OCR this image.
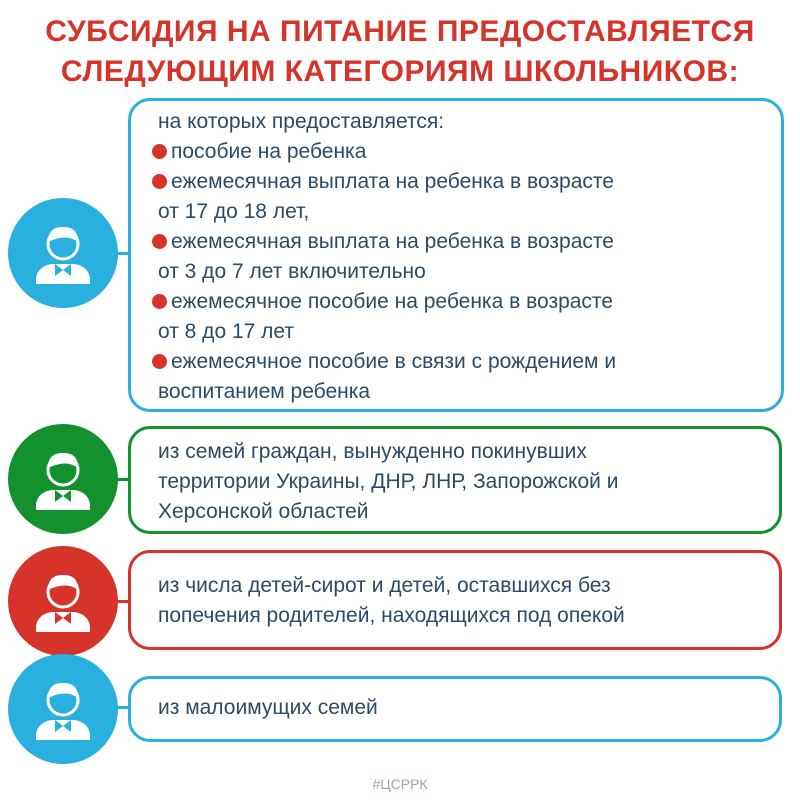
СУБСИДИЯ НА ПИТАНИЕ ПРЕДОСТАВЛЯЕТСЯ
СЛЕДУЮЩИМ КАТЕГОРИЯМ ШКОЛЬНИКОВ:
на которых предоставляется:
пособие на ребенка
ежемесячная выплата на ребенка в возрасте
от 17 до 18 лет,
ежемесячная выплата на ребенка в возрасте
от 3 до 7 лет включительно
ежемесячное пособие на ребенка в возрасте
от 8 до 17 лет
ежемесячное пособие в связи с рождением и
воспитанием ребенка
из семей граждан, вынужденно покинувших
территории Украины, ДНР, ЛНР, Запорожской и
Херсонской областей
из числа детей-сирот и детей, оставшихся без
попечения родителей, находящихся под опекой
из малоимущих семей
#ЦСРРК
